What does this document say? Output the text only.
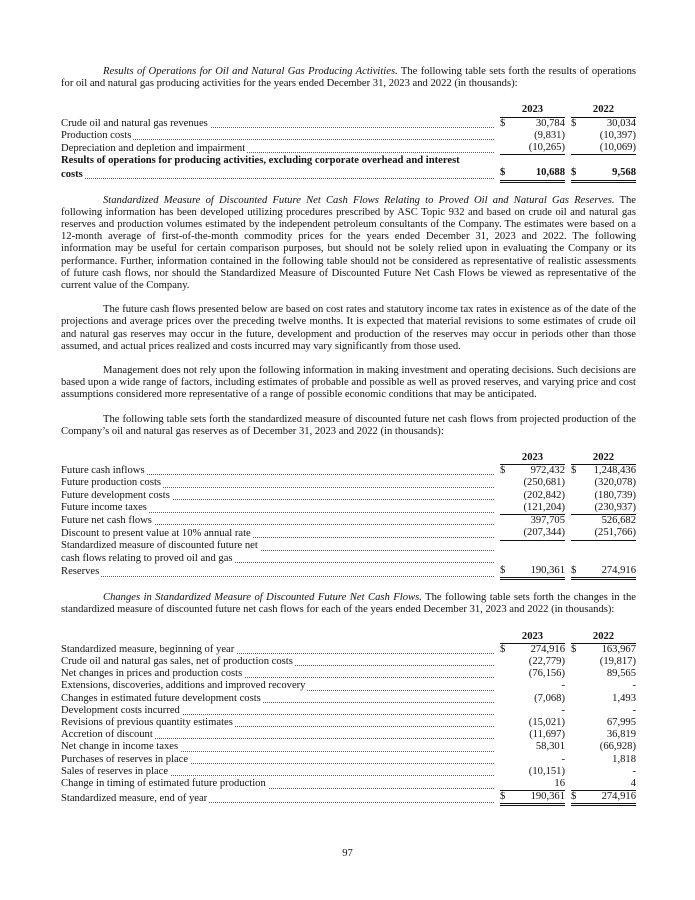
Results of Operations for Oil and Natural Gas Producing Activities. The following table sets forth the results of operations for oil and natural gas producing activities for the years ended December 31, 2023 and 2022 (in thousands):

		2023			2022	

Crude oil and natural gas revenues		$	30,784		$	30,034

Production costs			(9,831)			(10,397)

Depreciation and depletion and impairment			(10,265)			(10,069)
Results of operations for producing activities, excluding corporate overhead and interest						

costs		$	10,688		$	9,568

Standardized Measure of Discounted Future Net Cash Flows Relating to Proved Oil and Natural Gas Reserves. The following information has been developed utilizing procedures prescribed by ASC Topic 932 and based on crude oil and natural gas reserves and production volumes estimated by the independent petroleum consultants of the Company. The estimates were based on a 12-month average of first-of-the-month commodity prices for the years ended December 31, 2023 and 2022. The following information may be useful for certain comparison purposes, but should not be solely relied upon in evaluating the Company or its performance. Further, information contained in the following table should not be considered as representative of realistic assessments of future cash flows, nor should the Standardized Measure of Discounted Future Net Cash Flows be viewed as representative of the current value of the Company.

The future cash flows presented below are based on cost rates and statutory income tax rates in existence as of the date of the projections and average prices over the preceding twelve months. It is expected that material revisions to some estimates of crude oil and natural gas reserves may occur in the future, development and production of the reserves may occur in periods other than those assumed, and actual prices realized and costs incurred may vary significantly from those used.

Management does not rely upon the following information in making investment and operating decisions. Such decisions are based upon a wide range of factors, including estimates of probable and possible as well as proved reserves, and varying price and cost assumptions considered more representative of a range of possible economic conditions that may be anticipated.

The following table sets forth the standardized measure of discounted future net cash flows from projected production of the Company’s oil and natural gas reserves as of December 31, 2023 and 2022 (in thousands):

		2023			2022	

Future cash inflows		$	972,432		$	1,248,436

Future production costs			(250,681)			(320,078)

Future development costs			(202,842)			(180,739)

Future income taxes			(121,204)			(230,937)

Future net cash flows			397,705			526,682

Discount to present value at 10% annual rate			(207,344)			(251,766)

Standardized measure of discounted future net						

cash flows relating to proved oil and gas						

Reserves		$	190,361		$	274,916

Changes in Standardized Measure of Discounted Future Net Cash Flows. The following table sets forth the changes in the standardized measure of discounted future net cash flows for each of the years ended December 31, 2023 and 2022 (in thousands):

		2023			2022	

Standardized measure, beginning of year		$	274,916		$	163,967

Crude oil and natural gas sales, net of production costs			(22,779)			(19,817)

Net changes in prices and production costs			(76,156)			89,565

Extensions, discoveries, additions and improved recovery			-			-

Changes in estimated future development costs			(7,068)			1,493

Development costs incurred			-			-

Revisions of previous quantity estimates			(15,021)			67,995

Accretion of discount			(11,697)			36,819

Net change in income taxes			58,301			(66,928)

Purchases of reserves in place			-			1,818

Sales of reserves in place			(10,151)			-

Change in timing of estimated future production			16			4

Standardized measure, end of year		$	190,361		$	274,916
97
